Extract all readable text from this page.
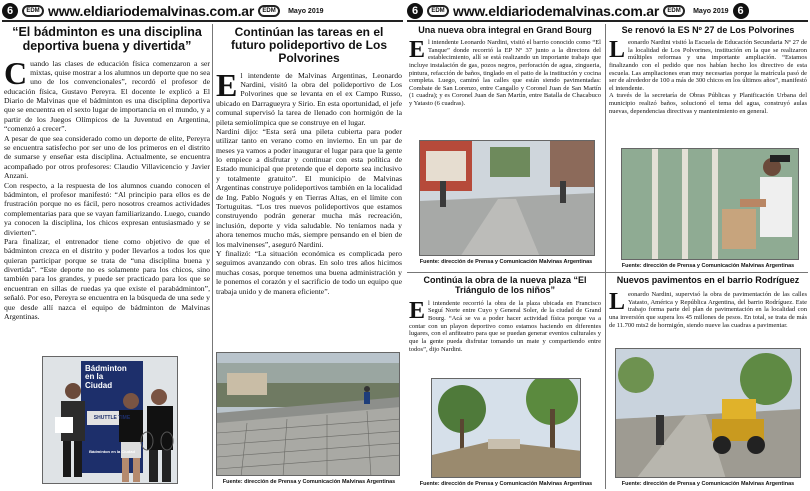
6	EDM www.eldiariodemalvinas.com.ar	EDM	Mayo 2019
“El bádminton es una disciplina deportiva buena y divertida”
C uando las clases de educación física comenzaron a ser mixtas, quise mostrar a los alumnos un deporte que no sea uno de los convencionales”, recordó el profesor de educación física, Gustavo Pereyra. El docente le explicó a El Diario de Malvinas que el bádminton es una disciplina deportiva que se encuentra en el sexto lugar de importancia en el mundo, y a partir de los Juegos Olímpicos de la Juventud en Argentina, “comenzó a crecer”.

A pesar de que sea considerado como un deporte de elite, Pereyra se encuentra satisfecho por ser uno de los primeros en el distrito de sumarse y enseñar esta disciplina. Actualmente, se encuentra acompañado por otros profesores: Claudio Villavicencio y Javier Anzani.

Con respecto, a la respuesta de los alumnos cuando conocen el bádminton, el profesor manifestó: “Al principio para ellos es de frustración porque no es fácil, pero nosotros creamos actividades complementarias para que se vayan familiarizando. Luego, cuando ya conocen la disciplina, los chicos expresan entusiasmado y se divierten”.

Para finalizar, el entrenador tiene como objetivo de que el bádminton crezca en el distrito y poder llevarlos a todos los que quieran participar porque se trata de “una disciplina buena y divertida”. “Este deporte no es solamente para los chicos, sino también para los grandes, y puede ser practicado para los que se encuentran en sillas de ruedas ya que existe el parabádminton”, señaló. Por eso, Pereyra se encuentra en la búsqueda de una sede y que desde allí nazca el equipo de bádminton de Malvinas Argentinas.

Bádminton
en la
Ciudad
SHUTTLE TIME
Bádminton en la Ciudad
Continúan las tareas en el futuro polideportivo de Los Polvorines
E l intendente de Malvinas Argentinas, Leonardo Nardini, visitó la obra del polideportivo de Los Polvorines que se levanta en el ex Campo Russo, ubicado en Darragueyra y Sirio. En esta oportunidad, el jefe comunal supervisó la tarea de llenado con hormigón de la pileta semiolímpica que se construye en el lugar.

Nardini dijo: “Esta será una pileta cubierta para poder utilizar tanto en verano como en invierno. En un par de meses ya vamos a poder inaugurar el lugar para que la gente lo empiece a disfrutar y continuar con esta política de Estado municipal que pretende que el deporte sea inclusivo y totalmente gratuito”. El municipio de Malvinas Argentinas construye polideportivos también en la localidad de Ing. Pablo Nogués y en Tierras Altas, en el límite con Tortuguitas. “Los tres nuevos polideportivos que estamos construyendo podrán generar mucha más recreación, inclusión, deporte y vida saludable. No teníamos nada y ahora tenemos mucho más, siempre pensando en el bien de los malvinenses”, aseguró Nardini.

Y finalizó: “La situación económica es complicada pero seguimos avanzando con obras. En solo tres años hicimos muchas cosas, porque tenemos una buena administración y le ponemos el corazón y el sacrificio de todo un equipo que trabaja unido y de manera eficiente”.

Fuente: dirección de Prensa y Comunicación Malvinas Argentinas
6	EDM www.eldiariodemalvinas.com.ar	EDM	Mayo 2019 6
Una nueva obra integral en Grand Bourg
E l intendente Leonardo Nardini, visitó el barrio conocido como “El Tanque” donde recorrió la EP Nº 37 junto a la directora del establecimiento, allí se está realizando un importante trabajo que incluye instalación de gas, pozos negros, perforación de agua, zingueria, pintura, refacción de baños, tinglado en el patio de la institución y cocina completa. Luego, caminó las calles que están siendo pavimentadas: Combate de San Lorenzo, entre Cangallo y Coronel Juan de San Martín (1 cuadra); y es Coronel Juan de San Martín, entre Batalla de Chacabuco y Yatasto (6 cuadras).

Fuente: dirección de Prensa y Comunicación Malvinas Argentinas
Se renovó la ES Nº 27 de Los Polvorines
L eonardo Nardini visitó la Escuela de Educación Secundaria Nº 27 de la localidad de Los Polvorines, institución en la que se realizaron múltiples reformas y una importante ampliación. “Estamos finalizando con el pedido que nos habían hecho los directivo de esta escuela. Las ampliaciones eran muy necesarias porque la matrícula pasó de ser de alrededor de 100 a más de 300 chicos en los últimos años”, manifestó el intendente.

A través de la secretaría de Obras Públicas y Planificación Urbana del municipio realizó baños, solucionó el tema del agua, construyó aulas nuevas, dependencias directivas y mantenimiento en general.

Fuente: dirección de Prensa y Comunicación Malvinas Argentinas
Continúa la obra de la nueva plaza “El Triángulo de los niños”
E l intendente recorrió la obra de la plaza ubicada en Francisco Seguí Norte entre Cuyo y General Soler, de la ciudad de Grand Bourg. “Acá se va a poder hacer actividad física porque va a contar con un playon deportivo como estamos haciendo en diferentes lugares, con el anfiteatro para que se puedan generar eventos culturales y que la gente pueda disfrutar tomando un mate y compartiendo entre todos”, dijo Nardini.

Fuente: dirección de Prensa y Comunicación Malvinas Argentinas
Nuevos pavimentos en el barrio Rodríguez
L eonardo Nardini, supervisó la obra de pavimentación de las calles Yatasto, América y República Argentina, del barrio Rodríguez. Este trabajo forma parte del plan de pavimentación en la localidad con una inversión que supera los 45 millones de pesos. En total, se trata de más de 11.700 mts2 de hormigón, siendo nueve las cuadras a pavimentar.

Fuente: dirección de Prensa y Comunicación Malvinas Argentinas
